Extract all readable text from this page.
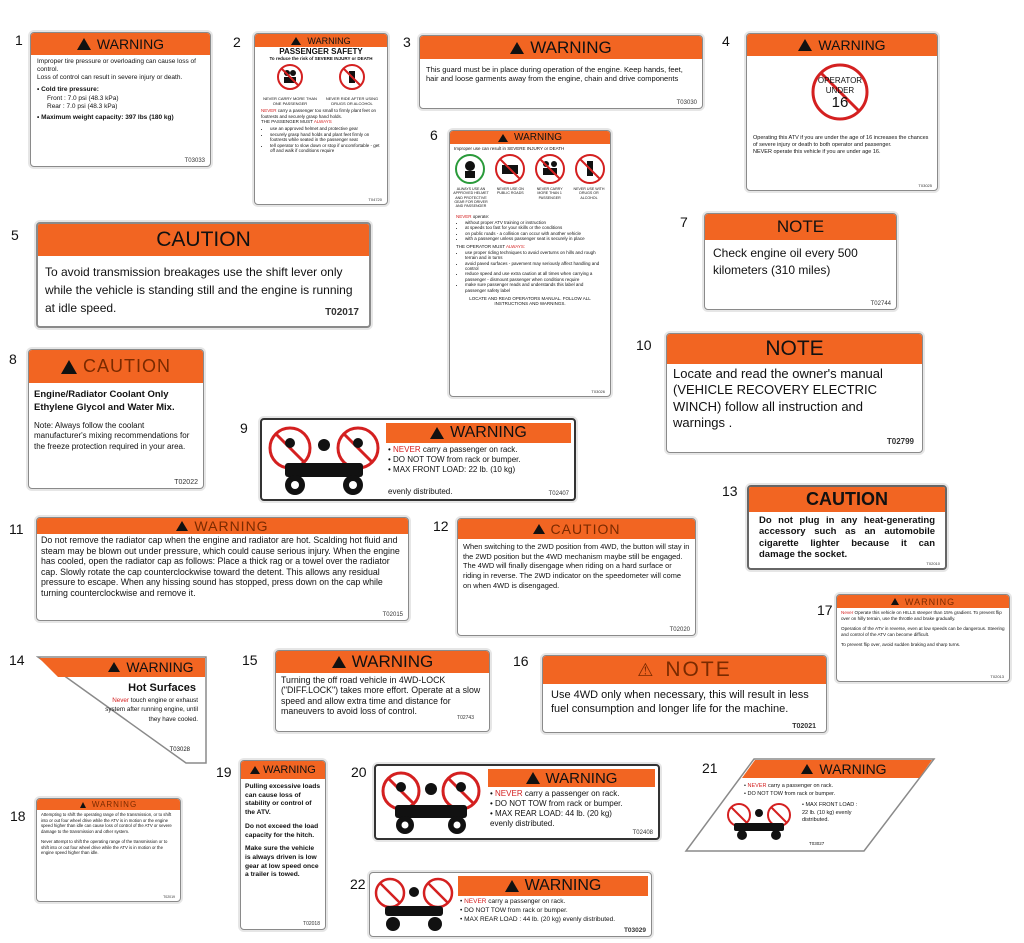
1	WARNING
Improper tire pressure or overloading can cause loss of control.
Loss of control can result in severe injury or death.
• Cold tire pressure:
Front : 7.0 psi (48.3 kPa)
Rear : 7.0 psi (48.3 kPa)
• Maximum weight capacity: 397 lbs (180 kg)
T03033
2	WARNING
PASSENGER SAFETY
To reduce the risk of SEVERE INJURY or DEATH
NEVER CARRY MORE THAN ONE PASSENGER
NEVER RIDE AFTER USING DRUGS OR ALCOHOL
NEVER carry a passenger too small to firmly plant feet on footrests and securely grasp hand holds.
THE PASSENGER MUST ALWAYS
• use an approved helmet and protective gear
• securely grasp hand holds and plant feet firmly on footrests while seated in the passenger seat
• tell operator to slow down or stop if uncomfortable - get off and walk if conditions require
T04720
3	WARNING
This guard must be in place during operation of the engine. Keep hands, feet, hair and loose garments away from the engine, chain and drive components
T03030
4	WARNING
OPERATOR
UNDER
16
Operating this ATV if you are under the age of 16 increases the chances of severe injury or death to both operator and passenger.
NEVER operate this vehicle if you are under age 16.
T03025
5	CAUTION
To avoid transmission breakages use the shift lever only while the vehicle is standing still and the engine is running at idle speed.	T02017
6	WARNING
Improper use can result in SEVERE INJURY or DEATH
ALWAYS USE AN APPROVED HELMET AND PROTECTIVE GEAR FOR DRIVER AND PASSENGER
NEVER USE ON PUBLIC ROADS
NEVER CARRY MORE THAN 1 PASSENGER
NEVER USE WITH DRUGS OR ALCOHOL
NEVER operate:
• without proper ATV training or instruction
• at speeds too fast for your skills or the conditions
• on public roads - a collision can occur with another vehicle
• with a passenger unless passenger seat is securely in place
THE OPERATOR MUST ALWAYS:
• use proper riding techniques to avoid overturns on hills and rough terrain and in turns
• avoid paved surfaces - pavement may seriously affect handling and control
• reduce speed and use extra caution at all times when carrying a passenger - dismount passenger when conditions require
• make sure passenger reads and understands this label and passenger safety label
LOCATE AND READ OPERATORS MANUAL. FOLLOW ALL INSTRUCTIONS AND WARNINGS.
T03026
7	NOTE
Check engine oil every 500 kilometers (310 miles)
T02744
8	CAUTION
Engine/Radiator Coolant Only Ethylene Glycol and Water Mix.
Note: Always follow the coolant manufacturer's mixing recommendations for the freeze protection required in your area.
T02022
9	WARNING
• NEVER carry a passenger on rack.
• DO NOT TOW from rack or bumper.
• MAX FRONT LOAD: 22 lb. (10 kg)
evenly distributed.	T02407
10	NOTE
Locate and read the owner's manual (VEHICLE RECOVERY ELECTRIC WINCH) follow all instruction and warnings .
T02799
11	WARNING
Do not remove the radiator cap when the engine and radiator are hot. Scalding hot fluid and steam may be blown out under pressure, which could cause serious injury. When the engine has cooled, open the radiator cap as follows: Place a thick rag or a towel over the radiator cap. Slowly rotate the cap counterclockwise toward the detent. This allows any residual pressure to escape. When any hissing sound has stopped, press down on the cap while turning counterclockwise and remove it.
T02015
12	CAUTION
When switching to the 2WD position from 4WD, the button will stay in the 2WD position but the 4WD mechanism maybe still be engaged. The 4WD will finally disengage when riding on a hard surface or riding in reverse. The 2WD indicator on the speedometer will come on when 4WD is disengaged.
T02020
13	CAUTION
Do not plug in any heat-generating accessory such as an automobile cigarette lighter because it can damage the socket.
T02010
14	WARNING
Hot Surfaces
Never touch engine or exhaust system after running engine, until they have cooled.
T03028
15	WARNING
Turning the off road vehicle in 4WD-LOCK ("DIFF.LOCK") takes more effort. Operate at a slow speed and allow extra time and distance for maneuvers to avoid loss of control.
T02743
16	⚠ NOTE
Use 4WD only when necessary, this will result in less fuel consumption and longer life for the machine.
T02021
17
WARNING
Never Operate this vehicle on HILLS steeper than 15% gradient. To prevent flip over on hilly terrain, use the throttle and brake gradually.
Operation of the ATV in reverse, even at low speeds can be dangerous. Steering and control of the ATV can become difficult.
To prevent flip over, avoid sudden braking and sharp turns.
T02013
18
WARNING
Attempting to shift the operating range of the transmission, or to shift into or out four wheel drive while the ATV is in motion or the engine speed higher than idle can cause loss of control of the ATV or severe damage to the transmission and other system.
Never attempt to shift the operating range of the transmission or to shift into or out four wheel drive while the ATV is in motion or the engine speed higher than idle.
T02019
19	WARNING
Pulling excessive loads can cause loss of stability or control of the ATV.
Do not exceed the load capacity for the hitch.
Make sure the vehicle is always driven is low gear at low speed once a trailer is towed.
T02018
20	WARNING
• NEVER carry a passenger on rack.
• DO NOT TOW from rack or bumper.
• MAX REAR LOAD: 44 lb. (20 kg)
evenly distributed.
T02408
21	WARNING
• NEVER carry a passenger on rack.
• DO NOT TOW from rack or bumper.
• MAX FRONT LOAD : 22 lb. (10 kg) evenly distributed.
T03027
22	WARNING
• NEVER carry a passenger on rack.
• DO NOT TOW from rack or bumper.
• MAX REAR LOAD : 44 lb. (20 kg) evenly distributed.
T03029
